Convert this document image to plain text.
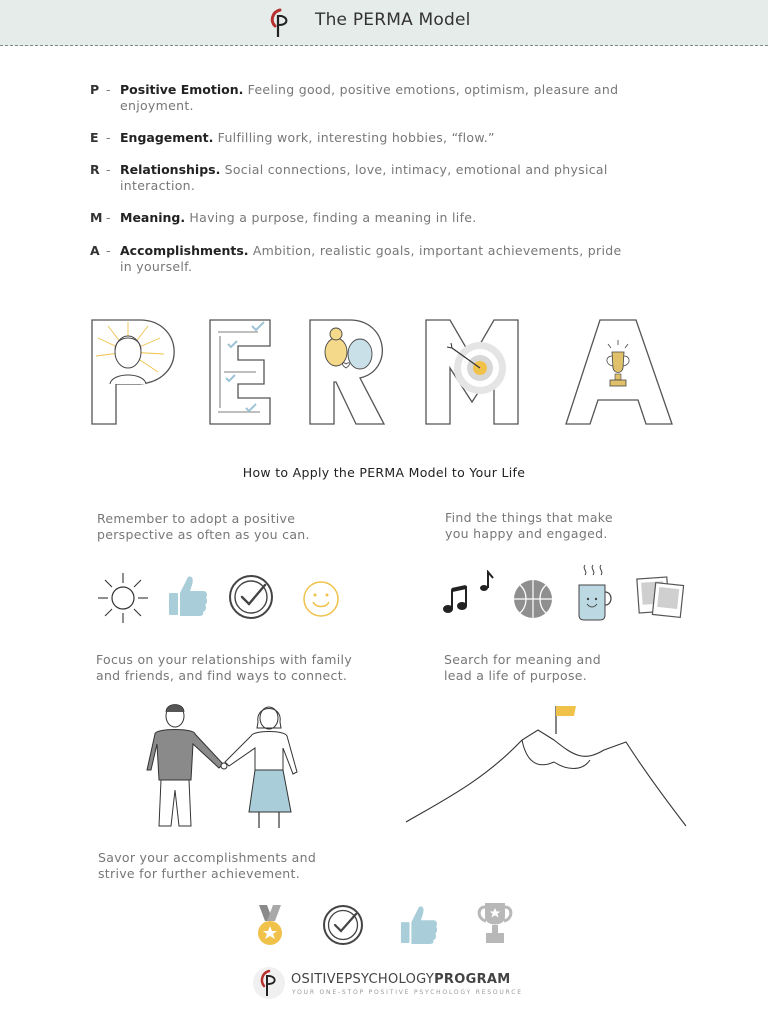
The PERMA Model
P - Positive Emotion. Feeling good, positive emotions, optimism, pleasure and enjoyment.
E - Engagement. Fulfilling work, interesting hobbies, “flow.”
R - Relationships. Social connections, love, intimacy, emotional and physical interaction.
M - Meaning. Having a purpose, finding a meaning in life.
A - Accomplishments. Ambition, realistic goals, important achievements, pride in yourself.
How to Apply the PERMA Model to Your Life
Remember to adopt a positive
perspective as often as you can.
Find the things that make
you happy and engaged.
Focus on your relationships with family
and friends, and find ways to connect.
Search for meaning and
lead a life of purpose.
Savor your accomplishments and
strive for further achievement.
OSITIVEPSYCHOLOGYPROGRAM
YOUR ONE-STOP POSITIVE PSYCHOLOGY RESOURCE
